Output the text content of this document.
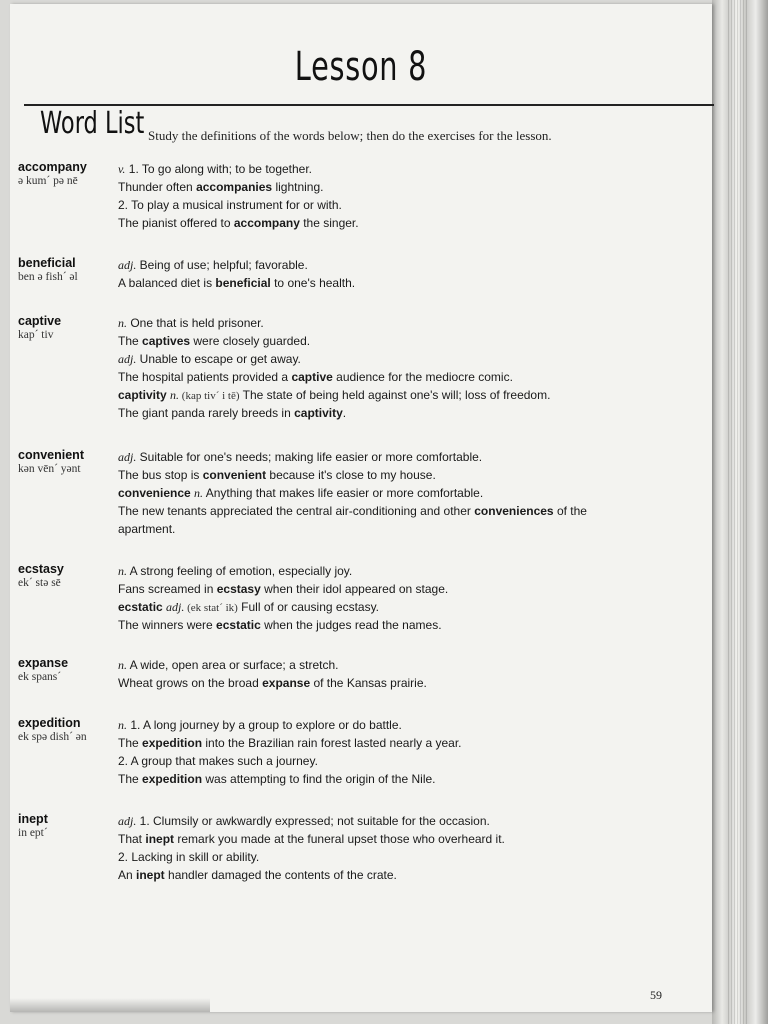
Lesson 8
Word List Study the definitions of the words below; then do the exercises for the lesson.
accompany
ə kum´ pə nē
v. 1. To go along with; to be together.
Thunder often accompanies lightning.
2. To play a musical instrument for or with.
The pianist offered to accompany the singer.
beneficial
ben ə fish´ əl
adj. Being of use; helpful; favorable.
A balanced diet is beneficial to one's health.
captive
kap´ tiv
n. One that is held prisoner.
The captives were closely guarded.
adj. Unable to escape or get away.
The hospital patients provided a captive audience for the mediocre comic.
captivity n. (kap tiv´ i tē) The state of being held against one's will; loss of freedom.
The giant panda rarely breeds in captivity.
convenient
kən vēn´ yənt
adj. Suitable for one's needs; making life easier or more comfortable.
The bus stop is convenient because it's close to my house.
convenience n. Anything that makes life easier or more comfortable.
The new tenants appreciated the central air-conditioning and other conveniences of the
apartment.
ecstasy
ek´ stə sē
n. A strong feeling of emotion, especially joy.
Fans screamed in ecstasy when their idol appeared on stage.
ecstatic adj. (ek stat´ ik) Full of or causing ecstasy.
The winners were ecstatic when the judges read the names.
expanse
ek spans´
n. A wide, open area or surface; a stretch.
Wheat grows on the broad expanse of the Kansas prairie.
expedition
ek spə dish´ ən
n. 1. A long journey by a group to explore or do battle.
The expedition into the Brazilian rain forest lasted nearly a year.
2. A group that makes such a journey.
The expedition was attempting to find the origin of the Nile.
inept
in ept´
adj. 1. Clumsily or awkwardly expressed; not suitable for the occasion.
That inept remark you made at the funeral upset those who overheard it.
2. Lacking in skill or ability.
An inept handler damaged the contents of the crate.
59
